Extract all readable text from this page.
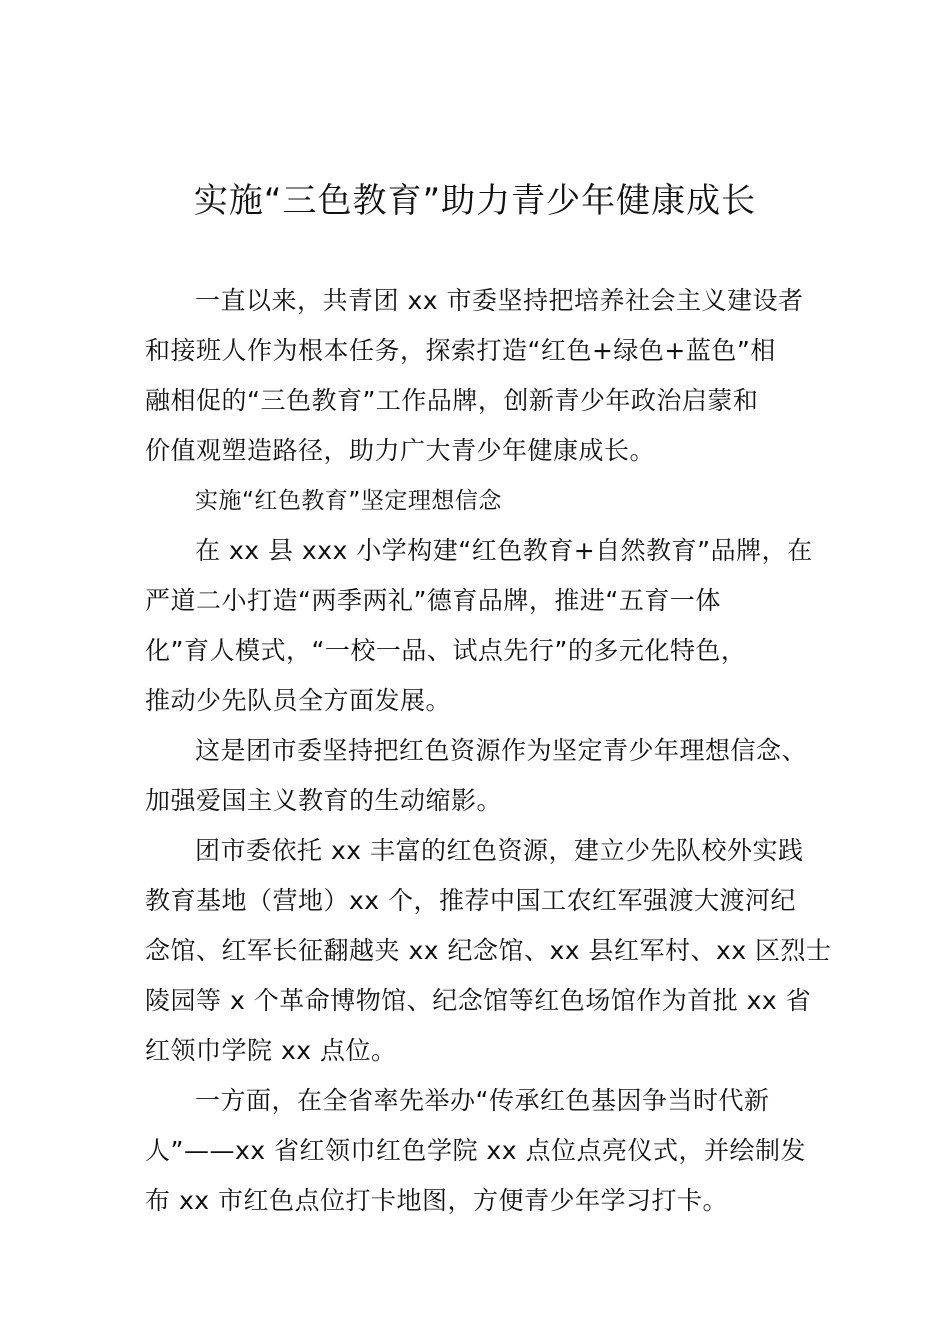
实施“三色教育”助力青少年健康成长
一直以来，共青团 xx 市委坚持把培养社会主义建设者
和接班人作为根本任务，探索打造“红色+绿色+蓝色”相
融相促的“三色教育”工作品牌，创新青少年政治启蒙和
价值观塑造路径，助力广大青少年健康成长。
实施“红色教育”坚定理想信念
在 xx 县 xxx 小学构建“红色教育+自然教育”品牌，在
严道二小打造“两季两礼”德育品牌，推进“五育一体
化”育人模式，“一校一品、试点先行”的多元化特色，
推动少先队员全方面发展。
这是团市委坚持把红色资源作为坚定青少年理想信念、
加强爱国主义教育的生动缩影。
团市委依托 xx 丰富的红色资源，建立少先队校外实践
教育基地（营地）xx 个，推荐中国工农红军强渡大渡河纪
念馆、红军长征翻越夹 xx 纪念馆、xx 县红军村、xx 区烈士
陵园等 x 个革命博物馆、纪念馆等红色场馆作为首批 xx 省
红领巾学院 xx 点位。
一方面，在全省率先举办“传承红色基因争当时代新
人”——xx 省红领巾红色学院 xx 点位点亮仪式，并绘制发
布 xx 市红色点位打卡地图，方便青少年学习打卡。
